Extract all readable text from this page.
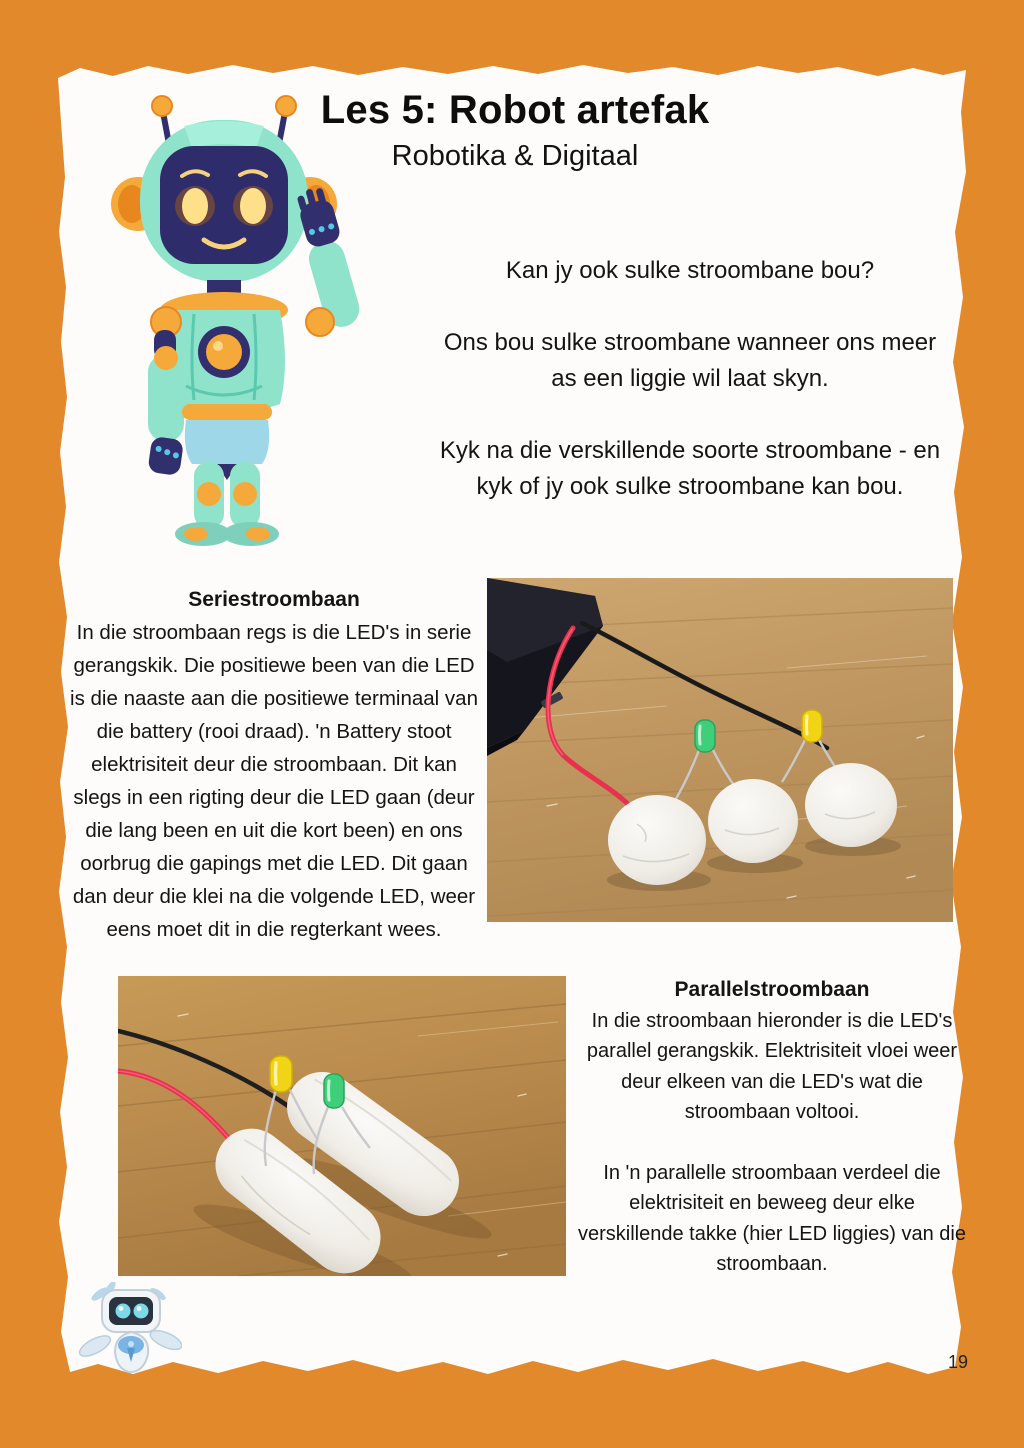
Les 5: Robot artefak
Robotika & Digitaal

Kan jy ook sulke stroombane bou?

Ons bou sulke stroombane wanneer ons meer as een liggie wil laat skyn.

Kyk na die verskillende soorte stroombane - en kyk of jy ook sulke stroombane kan bou.

Seriestroombaan
In die stroombaan regs is die LED's in serie gerangskik. Die positiewe been van die LED is die naaste aan die positiewe terminaal van die battery (rooi draad). 'n Battery stoot elektrisiteit deur die stroombaan. Dit kan slegs in een rigting deur die LED gaan (deur die lang been en uit die kort been) en ons oorbrug die gapings met die LED. Dit gaan dan deur die klei na die volgende LED, weer eens moet dit in die regterkant wees.
Parallelstroombaan

In die stroombaan hieronder is die LED's parallel gerangskik. Elektrisiteit vloei weer deur elkeen van die LED's wat die stroombaan voltooi.

In 'n parallelle stroombaan verdeel die elektrisiteit en beweeg deur elke verskillende takke (hier LED liggies) van die stroombaan.

19
